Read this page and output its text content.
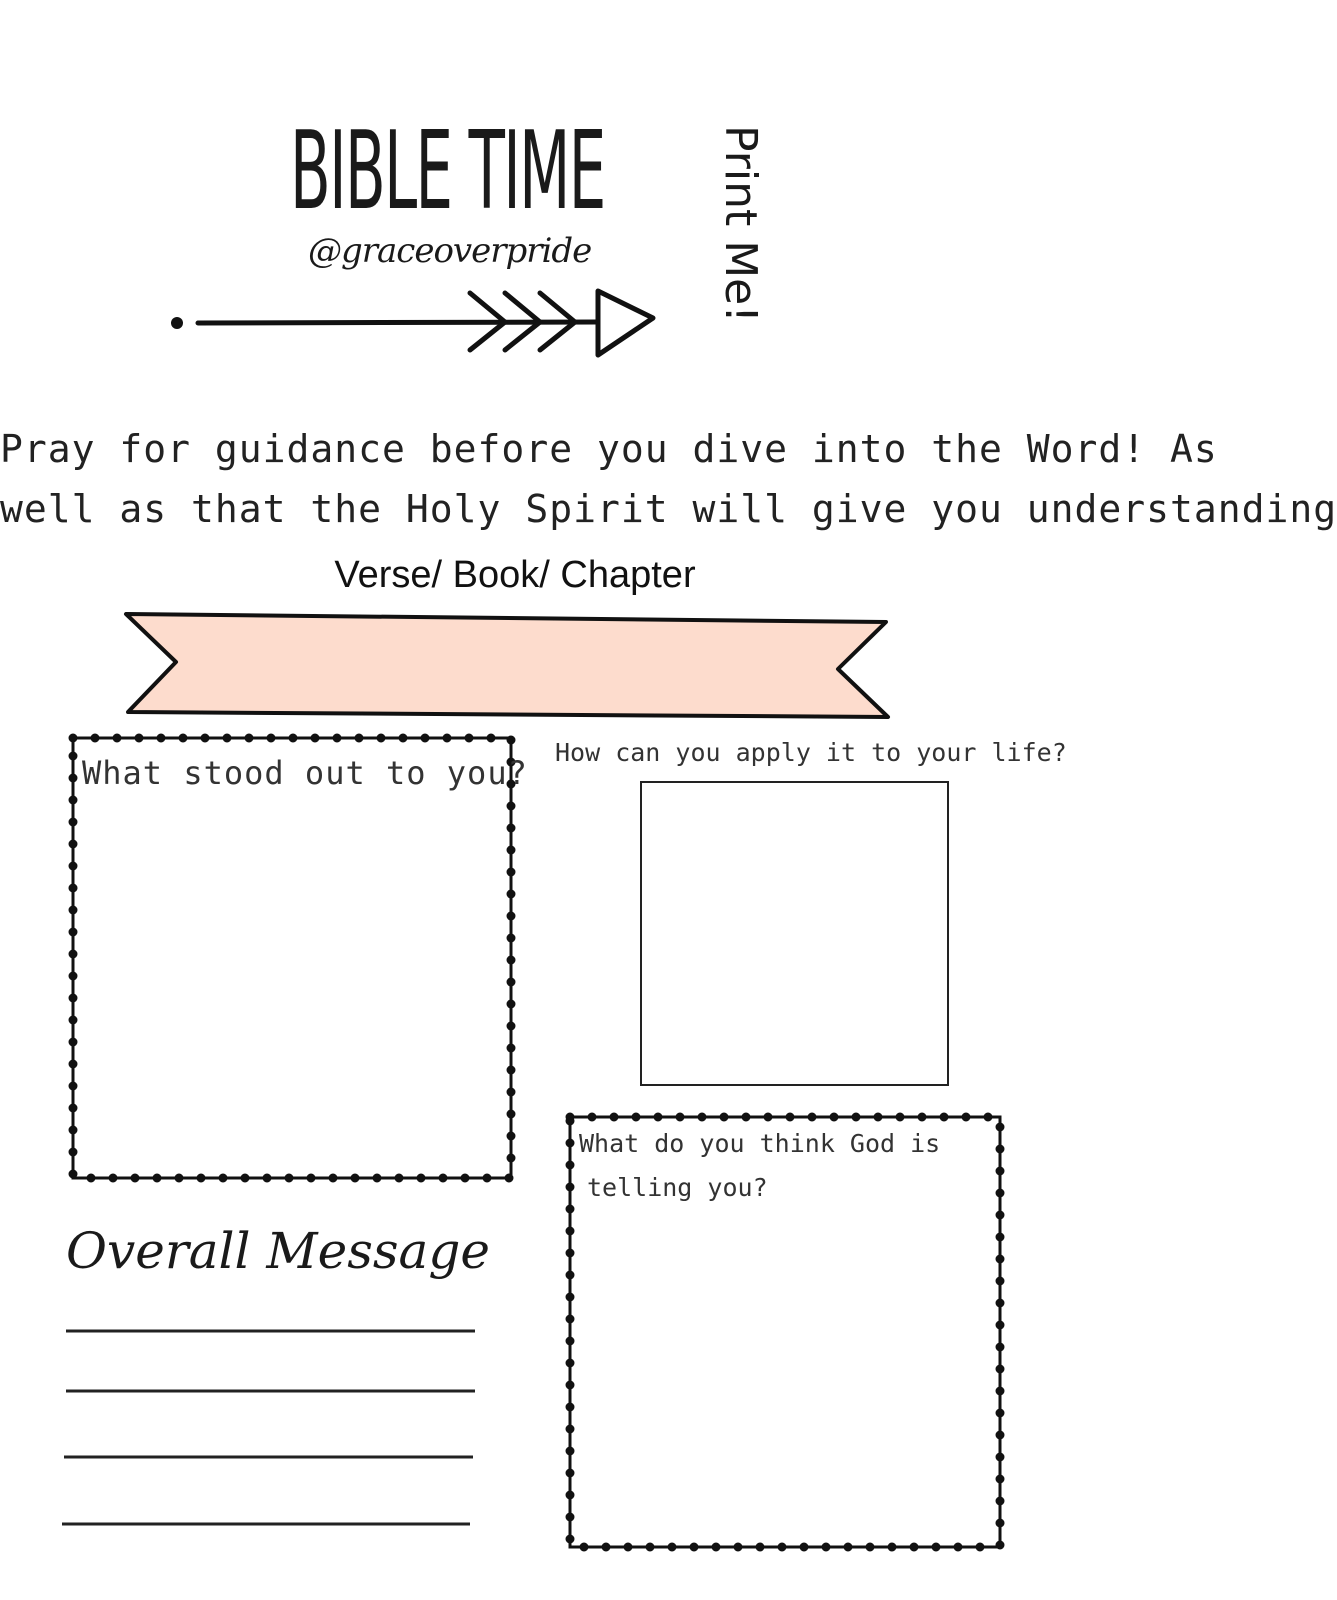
BIBLE TIME
@graceoverpride	Print Me!
Pray for guidance before you dive into the Word! As
well as that the Holy Spirit will give you understanding
Verse/ Book/ Chapter
What stood out to you?
How can you apply it to your life?
What do you think God is
telling you?
Overall Message
